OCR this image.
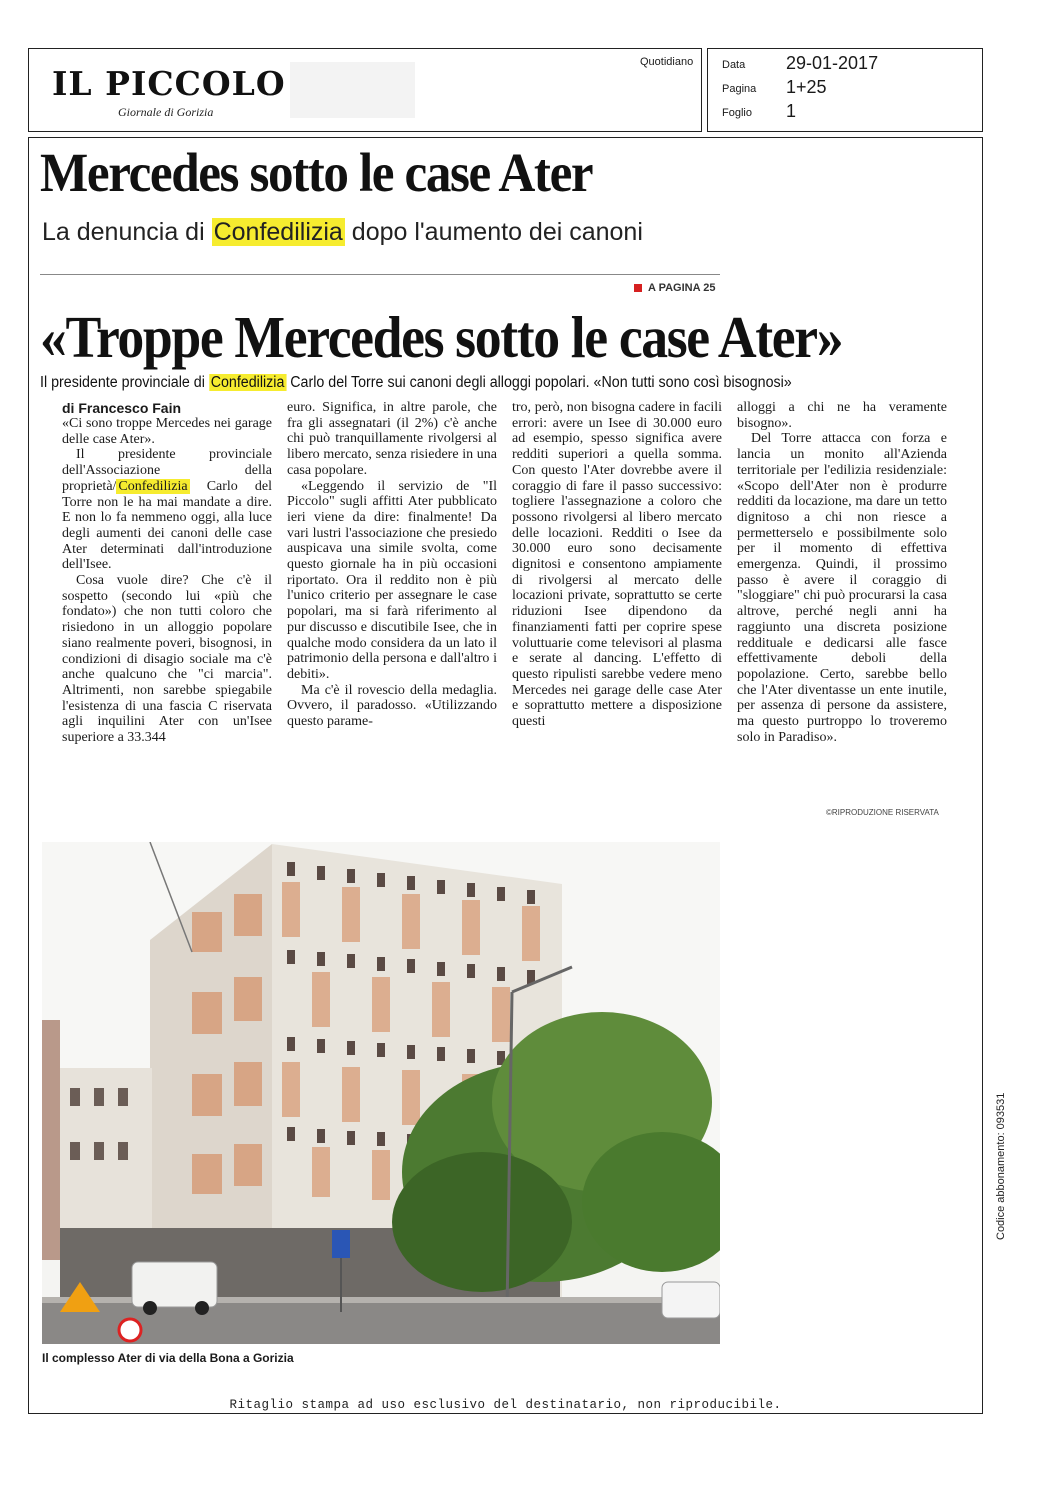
IL PICCOLO
Giornale di Gorizia
Quotidiano	Data 29-01-2017
Pagina 1+25
Foglio 1
Mercedes sotto le case Ater
La denuncia di Confedilizia dopo l'aumento dei canoni
A PAGINA 25
«Troppe Mercedes sotto le case Ater»
Il presidente provinciale di Confedilizia Carlo del Torre sui canoni degli alloggi popolari. «Non tutti sono così bisognosi»
di Francesco Fain

«Ci sono troppe Mercedes nei garage delle case Ater».

Il presidente provinciale dell'Associazione della proprietà/ Confedilizia Carlo del Torre non le ha mai mandate a dire. E non lo fa nemmeno oggi, alla luce degli aumenti dei canoni delle case Ater determinati dall'introduzione dell'Isee.

Cosa vuole dire? Che c'è il sospetto (secondo lui «più che fondato») che non tutti coloro che risiedono in un alloggio popolare siano realmente poveri, bisognosi, in condizioni di disagio sociale ma c'è anche qualcuno che "ci marcia". Altrimenti, non sarebbe spiegabile l'esistenza di una fascia C riservata agli inquilini Ater con un'Isee superiore a 33.344

euro. Significa, in altre parole, che fra gli assegnatari (il 2%) c'è anche chi può tranquillamente rivolgersi al libero mercato, senza risiedere in una casa popolare.

«Leggendo il servizio de "Il Piccolo" sugli affitti Ater pubblicato ieri viene da dire: finalmente! Da vari lustri l'associazione che presiedo auspicava una simile svolta, come questo giornale ha in più occasioni riportato. Ora il reddito non è più l'unico criterio per assegnare le case popolari, ma si farà riferimento al pur discusso e discutibile Isee, che in qualche modo considera da un lato il patrimonio della persona e dall'altro i debiti».

Ma c'è il rovescio della medaglia. Ovvero, il paradosso. «Utilizzando questo parame-

tro, però, non bisogna cadere in facili errori: avere un Isee di 30.000 euro ad esempio, spesso significa avere redditi superiori a quella somma. Con questo l'Ater dovrebbe avere il coraggio di fare il passo successivo: togliere l'assegnazione a coloro che possono rivolgersi al libero mercato delle locazioni. Redditi o Isee da 30.000 euro sono decisamente dignitosi e consentono ampiamente di rivolgersi al mercato delle locazioni private, soprattutto se certe riduzioni Isee dipendono da finanziamenti fatti per coprire spese voluttuarie come televisori al plasma e serate al dancing. L'effetto di questo ripulisti sarebbe vedere meno Mercedes nei garage delle case Ater e soprattutto mettere a disposizione questi

alloggi a chi ne ha veramente bisogno».

Del Torre attacca con forza e lancia un monito all'Azienda territoriale per l'edilizia residenziale: «Scopo dell'Ater non è produrre redditi da locazione, ma dare un tetto dignitoso a chi non riesce a permetterselo e possibilmente solo per il momento di effettiva emergenza. Quindi, il prossimo passo è avere il coraggio di "sloggiare" chi può procurarsi la casa altrove, perché negli anni ha raggiunto una discreta posizione reddituale e dedicarsi alle fasce effettivamente deboli della popolazione. Certo, sarebbe bello che l'Ater diventasse un ente inutile, per assenza di persone da assistere, ma questo purtroppo lo troveremo solo in Paradiso».

©RIPRODUZIONE RISERVATA
Il complesso Ater di via della Bona a Gorizia
Ritaglio stampa ad uso esclusivo del destinatario, non riproducibile.
Codice abbonamento: 093531
